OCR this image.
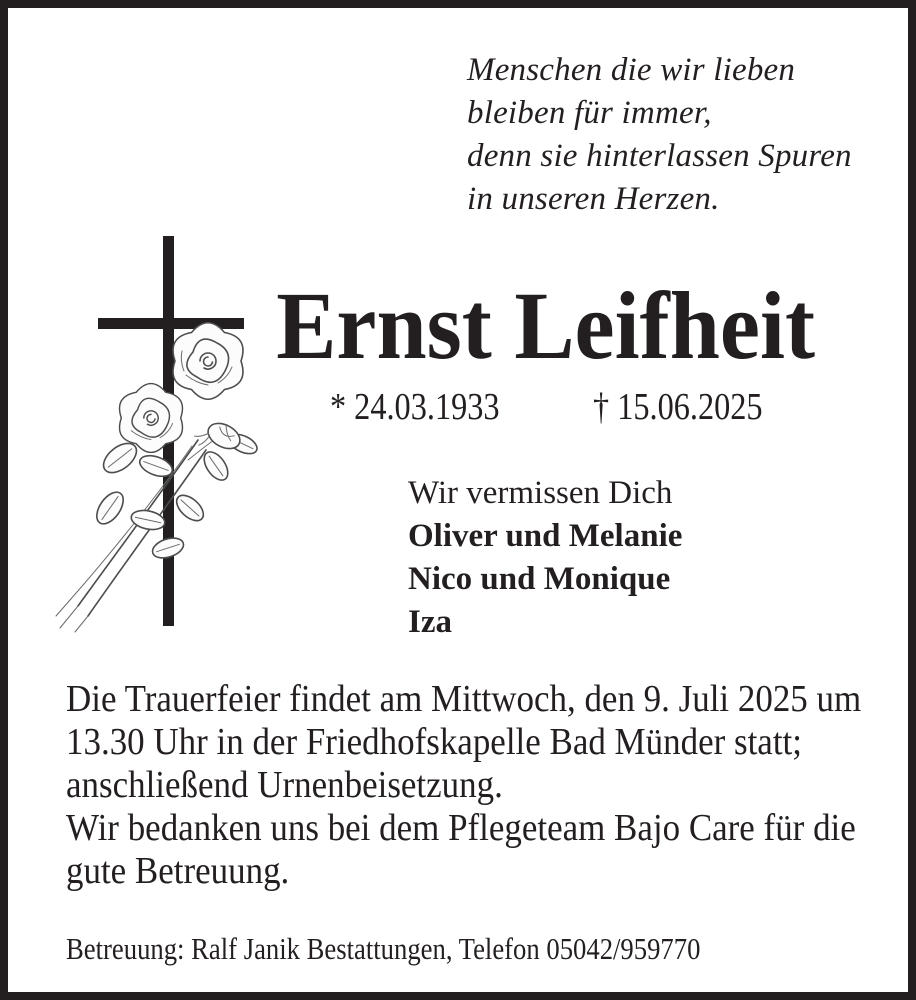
Menschen die wir lieben
bleiben für immer,
denn sie hinterlassen Spuren
in unseren Herzen.
Ernst Leifheit
* 24.03.1933 † 15.06.2025
Wir vermissen Dich
Oliver und Melanie
Nico und Monique
Iza
Die Trauerfeier findet am Mittwoch, den 9. Juli 2025 um
13.30 Uhr in der Friedhofskapelle Bad Münder statt;
anschließend Urnenbeisetzung.
Wir bedanken uns bei dem Pflegeteam Bajo Care für die
gute Betreuung.
Betreuung: Ralf Janik Bestattungen, Telefon 05042/959770
